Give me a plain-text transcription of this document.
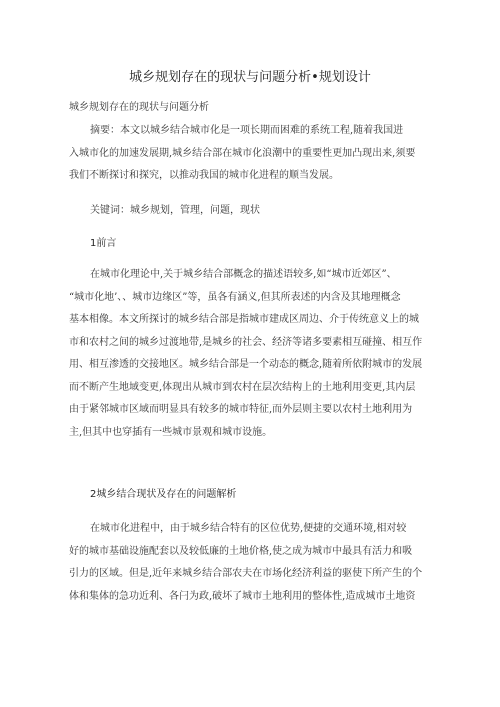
城乡规划存在的现状与问题分析•规划设计
城乡规划存在的现状与问题分析
摘要：本文以城乡结合城市化是一项长期而困难的系统工程,随着我国进
入城市化的加速发展期,城乡结合部在城市化浪潮中的重要性更加凸现出来,须要
我们不断探讨和探究，以推动我国的城市化进程的顺当发展。
关键词：城乡规划，管理，问题，现状
1前言
在城市化理论中,关于城乡结合部概念的描述语较多,如“城市近郊区”、
“城市化地’、、城市边缘区”等，虽各有涵义,但其所表述的内含及其地理概念
基本相像。本文所探讨的城乡结合部是指城市建成区周边、介于传统意义上的城
市和农村之间的城乡过渡地带,是城乡的社会、经济等诸多要素相互碰撞、相互作
用、相互渗透的交接地区。城乡结合部是一个动态的概念,随着所依附城市的发展
而不断产生地域变更,体现出从城市到农村在层次结构上的土地利用变更,其内层
由于紧邻城市区域而明显具有较多的城市特征,而外层则主要以农村土地利用为
主,但其中也穿插有一些城市景观和城市设施。
2城乡结合现状及存在的问题解析
在城市化进程中，由于城乡结合特有的区位优势,便捷的交通环境,相对较
好的城市基础设施配套以及较低廉的土地价格,使之成为城市中最具有活力和吸
引力的区域。但是,近年来城乡结合部农夫在市场化经济利益的驱使下所产生的个
体和集体的急功近利、各闩为政,破坏了城市土地利用的整体性,造成城市土地资
